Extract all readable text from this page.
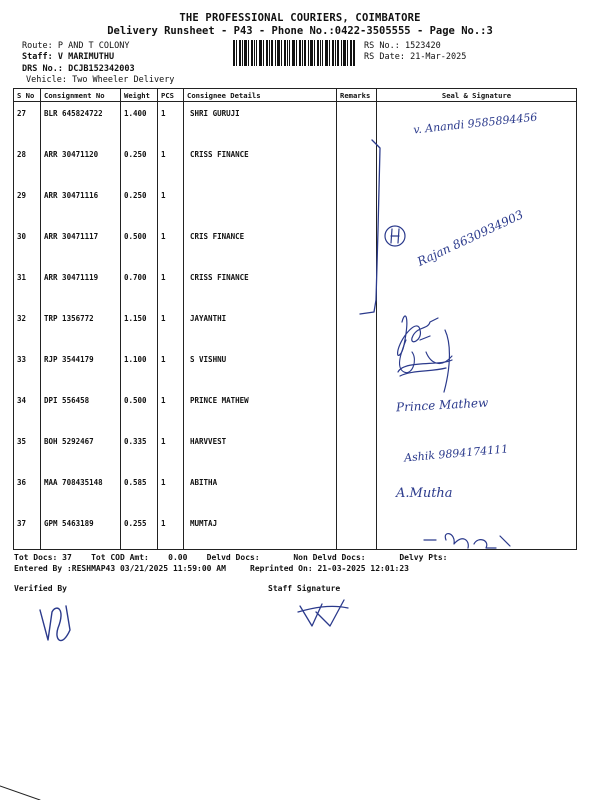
THE PROFESSIONAL COURIERS, COIMBATORE
Delivery Runsheet - P43 - Phone No.:0422-3505555 - Page No.:3
Route: P AND T COLONY
Staff: V MARIMUTHU
DRS No.: DCJB152342003
Vehicle: Two Wheeler Delivery
RS No.: 1523420
RS Date: 21-Mar-2025
S No	Consignment No	Weight	PCS	Consignee Details	Remarks	Seal & Signature
27	BLR 645824722	1.400	1	SHRI GURUJI		
28	ARR 30471120	0.250	1	CRISS FINANCE		
29	ARR 30471116	0.250	1			
30	ARR 30471117	0.500	1	CRIS FINANCE		
31	ARR 30471119	0.700	1	CRISS FINANCE		
32	TRP 1356772	1.150	1	JAYANTHI		
33	RJP 3544179	1.100	1	S VISHNU		
34	DPI 556458	0.500	1	PRINCE MATHEW		
35	BOH 5292467	0.335	1	HARVVEST		
36	MAA 708435148	0.585	1	ABITHA		
37	GPM 5463189	0.255	1	MUMTAJ		
v. Anandi 9585894456
Rajan 8630934903
Prince Mathew
Ashik 9894174111
A.Mutha
Tot Docs: 37 Tot COD Amt: 0.00 Delvd Docs:	Non Delvd Docs:	Delvy Pts:
Entered By :RESHMAP43 03/21/2025 11:59:00 AM	Reprinted On: 21-03-2025 12:01:23
Verified By	Staff Signature
